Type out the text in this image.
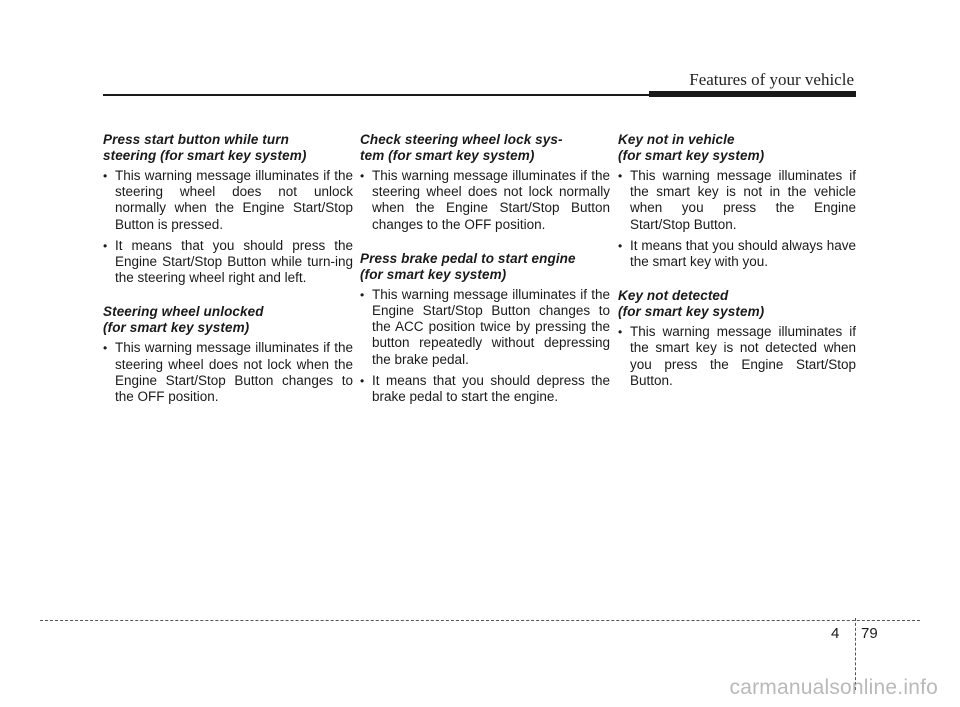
Features of your vehicle
Press start button while turn
steering (for smart key system)
• This warning message illuminates if the steering wheel does not unlock normally when the Engine Start/Stop Button is pressed.
• It means that you should press the Engine Start/Stop Button while turn-ing the steering wheel right and left.
Steering wheel unlocked
(for smart key system)
• This warning message illuminates if the steering wheel does not lock when the Engine Start/Stop Button changes to the OFF position.
Check steering wheel lock sys-
tem (for smart key system)
• This warning message illuminates if the steering wheel does not lock normally when the Engine Start/Stop Button changes to the OFF position.
Press brake pedal to start engine
(for smart key system)
• This warning message illuminates if the Engine Start/Stop Button changes to the ACC position twice by pressing the button repeatedly without depressing the brake pedal.
• It means that you should depress the brake pedal to start the engine.
Key not in vehicle
(for smart key system)
• This warning message illuminates if the smart key is not in the vehicle when you press the Engine Start/Stop Button.
• It means that you should always have the smart key with you.
Key not detected
(for smart key system)
• This warning message illuminates if the smart key is not detected when you press the Engine Start/Stop Button.
4 79
carmanualsonline.info
